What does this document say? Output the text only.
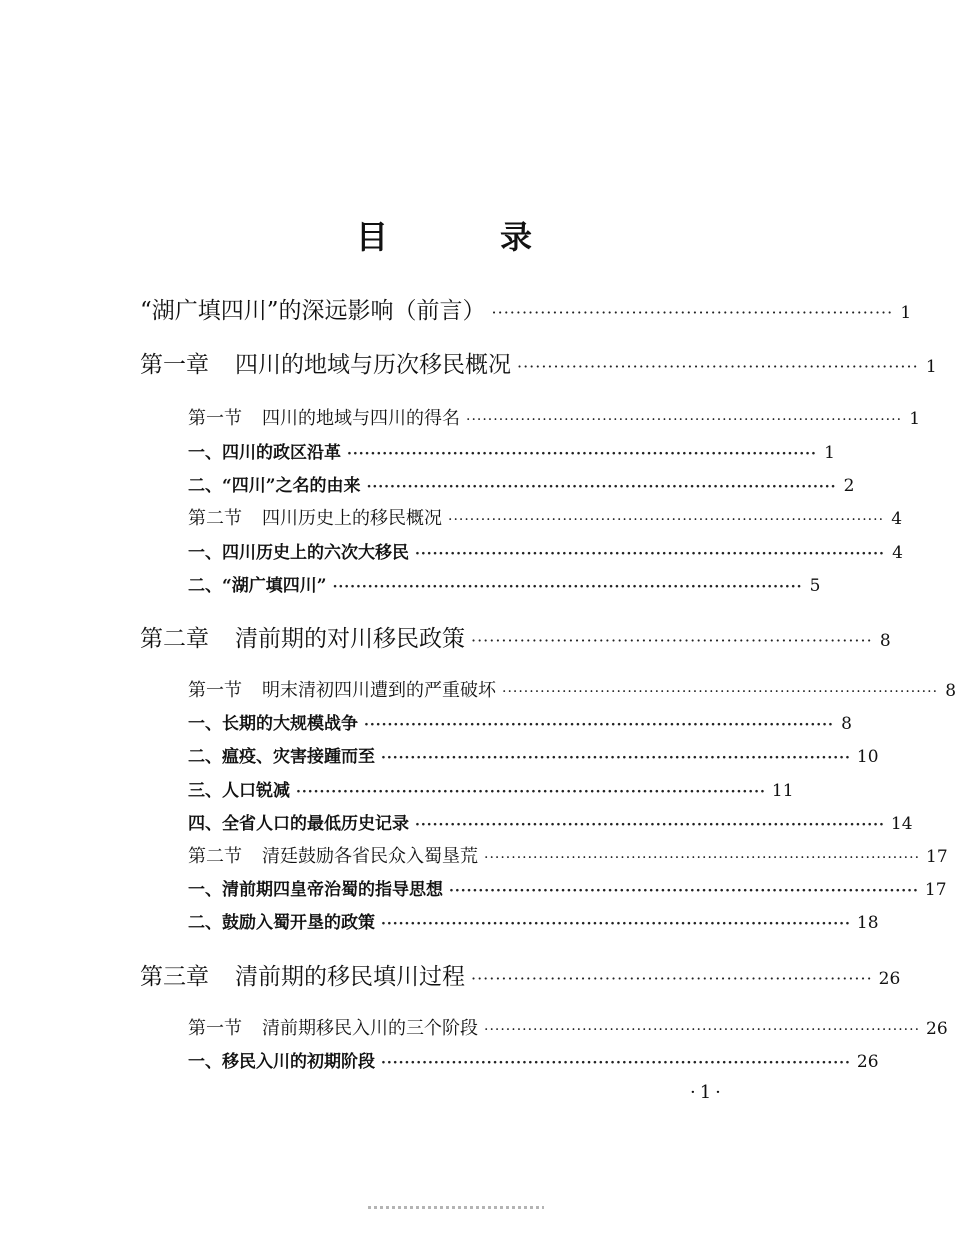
目　录
“湖广填四川”的深远影响（前言） ·································································· 1
第一章 四川的地域与历次移民概况 ·································································· 1
第一节 四川的地域与四川的得名 ················································································ 1
一、四川的政区沿革 ················································································ 1
二、“四川”之名的由来 ················································································ 2
第二节 四川历史上的移民概况 ················································································ 4
一、四川历史上的六次大移民 ················································································ 4
二、“湖广填四川” ················································································ 5
第二章 清前期的对川移民政策 ·································································· 8
第一节 明末清初四川遭到的严重破坏 ················································································ 8
一、长期的大规模战争 ················································································ 8
二、瘟疫、灾害接踵而至 ················································································ 10
三、人口锐减 ················································································ 11
四、全省人口的最低历史记录 ················································································ 14
第二节 清廷鼓励各省民众入蜀垦荒 ················································································ 17
一、清前期四皇帝治蜀的指导思想 ················································································ 17
二、鼓励入蜀开垦的政策 ················································································ 18
第三章 清前期的移民填川过程 ·································································· 26
第一节 清前期移民入川的三个阶段 ················································································ 26
一、移民入川的初期阶段 ················································································ 26
·1·
